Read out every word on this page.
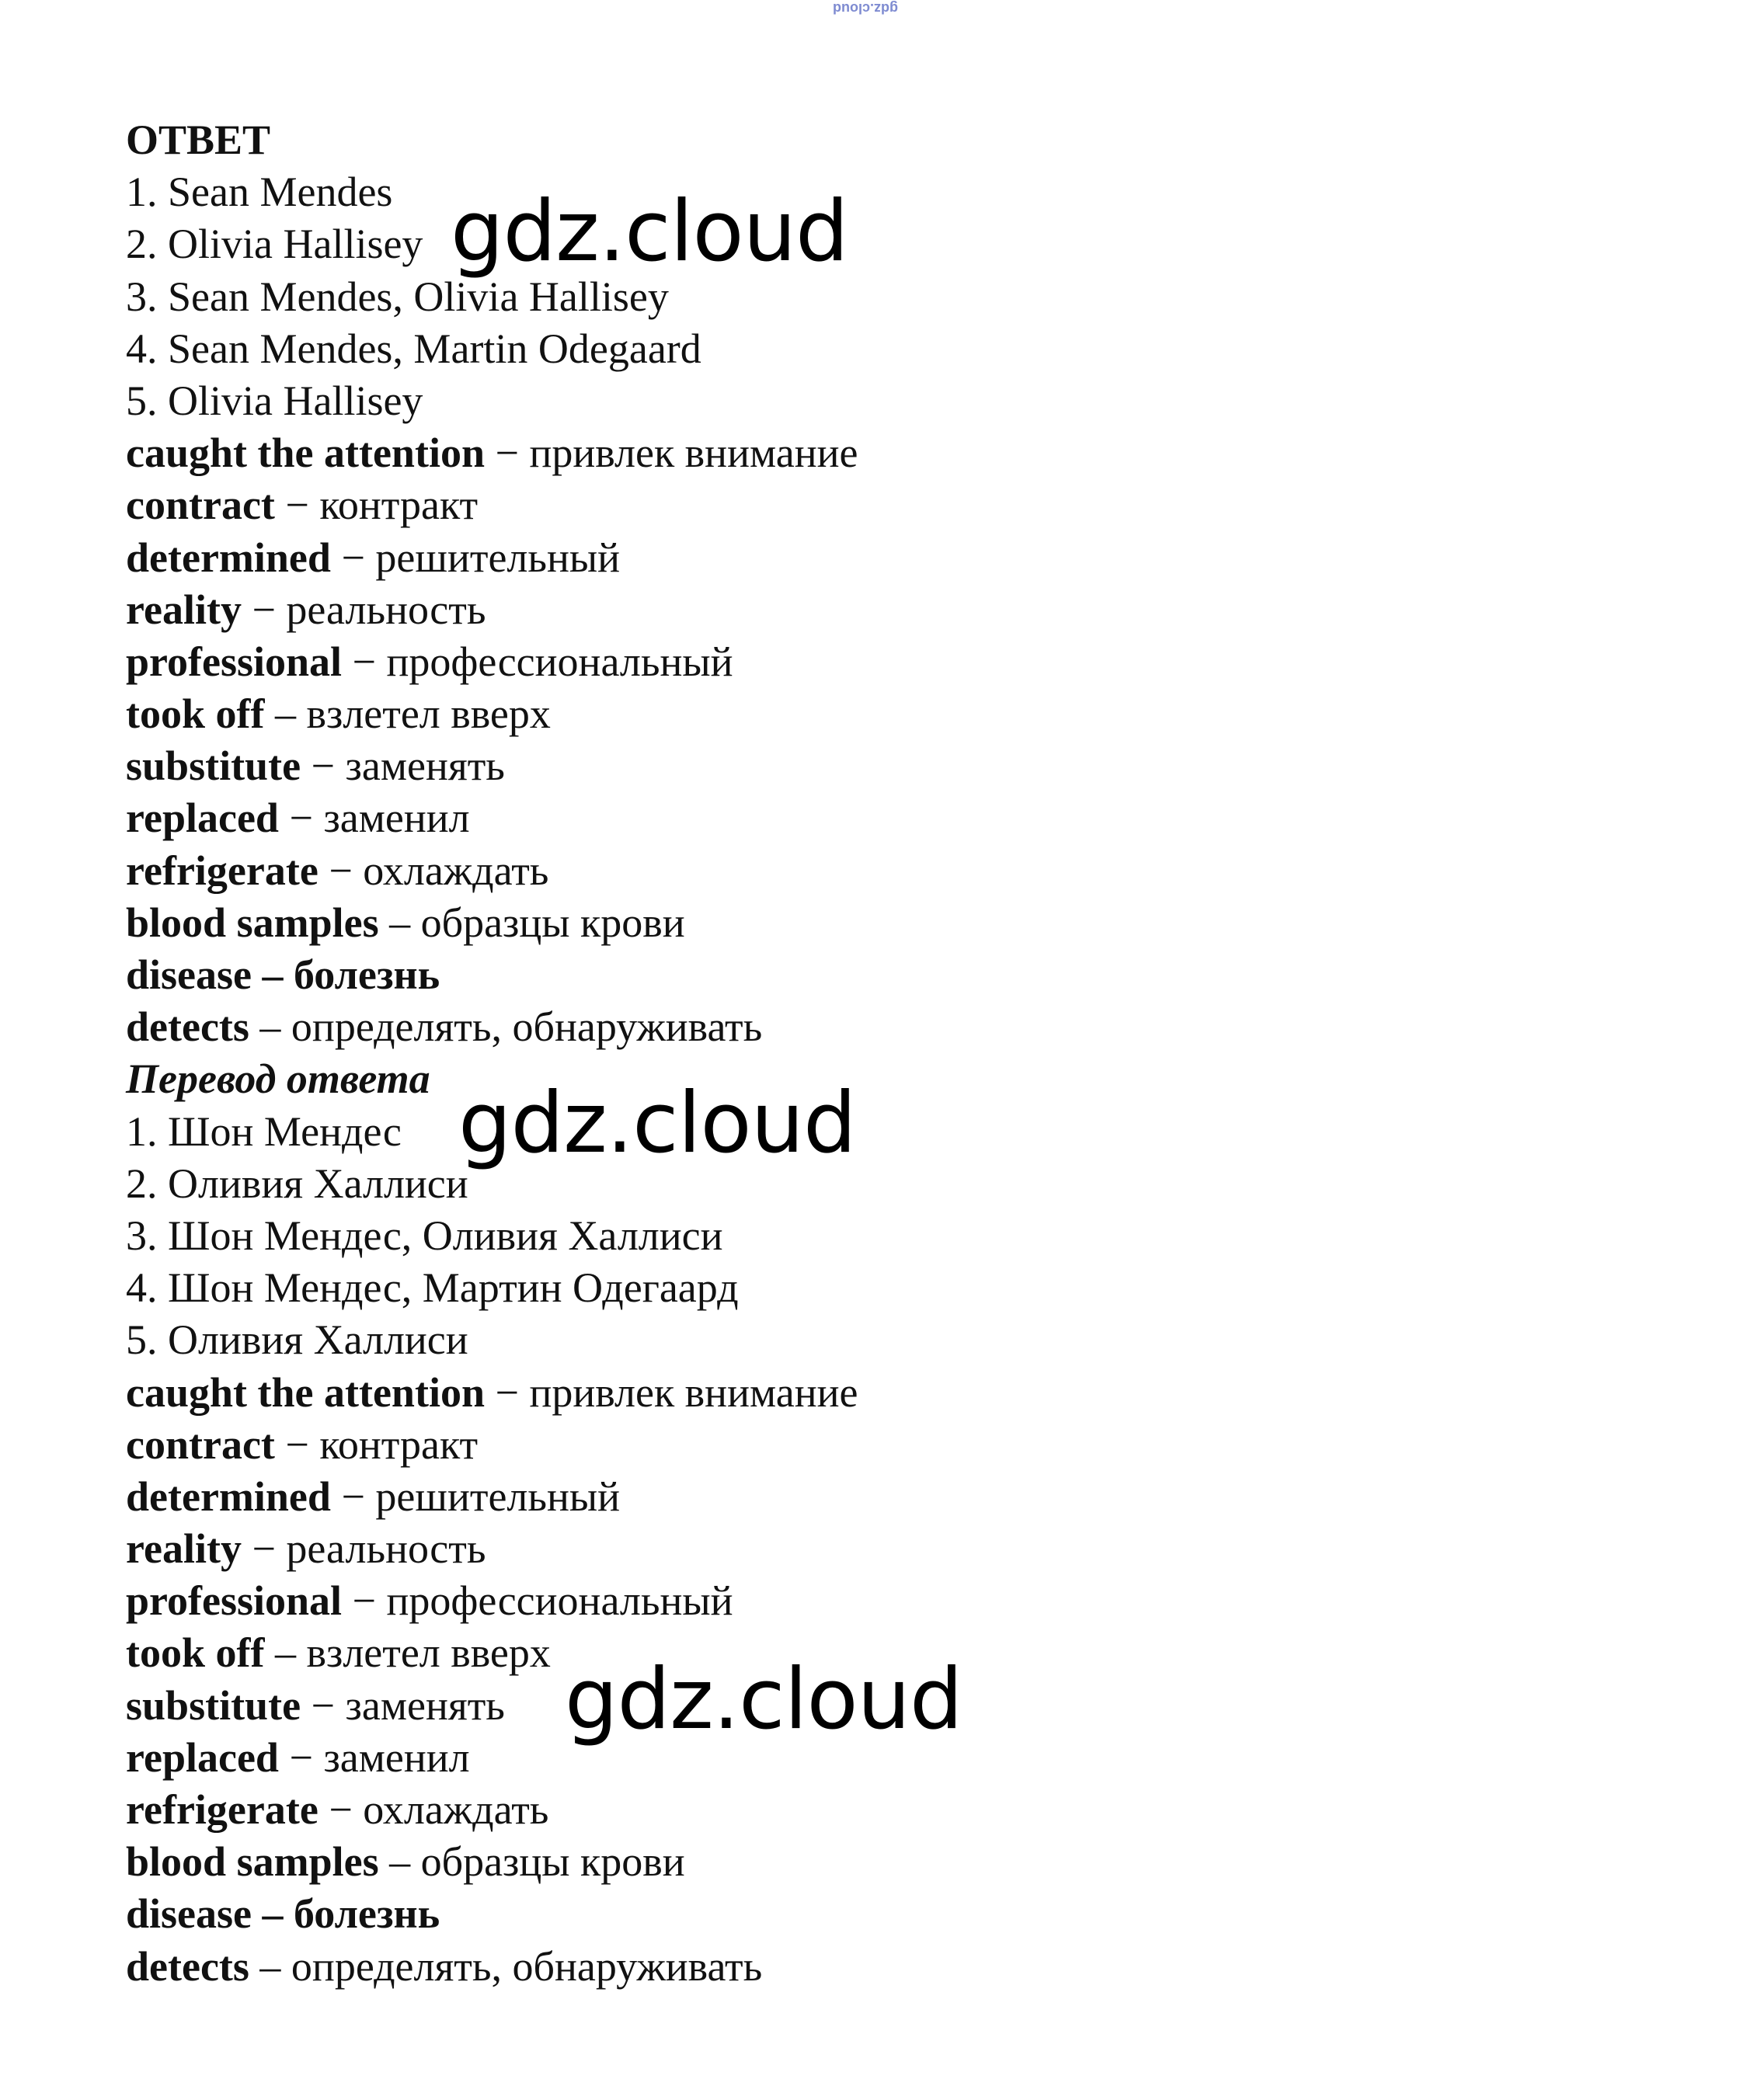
gdz.cloud
ОТВЕТ
1. Sean Mendes
2. Olivia Hallisey
3. Sean Mendes, Olivia Hallisey
4. Sean Mendes, Martin Odegaard
5. Olivia Hallisey
caught the attention − привлек внимание
contract − контракт
determined − решительный
reality − реальность
professional − профессиональный
took off – взлетел вверх
substitute − заменять
replaced − заменил
refrigerate − охлаждать
blood samples – образцы крови
disease – болезнь
detects – определять, обнаруживать
Перевод ответа
1. Шон Мендес
2. Оливия Халлиси
3. Шон Мендес, Оливия Халлиси
4. Шон Мендес, Мартин Одегаард
5. Оливия Халлиси
caught the attention − привлек внимание
contract − контракт
determined − решительный
reality − реальность
professional − профессиональный
took off – взлетел вверх
substitute − заменять
replaced − заменил
refrigerate − охлаждать
blood samples – образцы крови
disease – болезнь
detects – определять, обнаруживать
gdz.cloud
gdz.cloud
gdz.cloud
